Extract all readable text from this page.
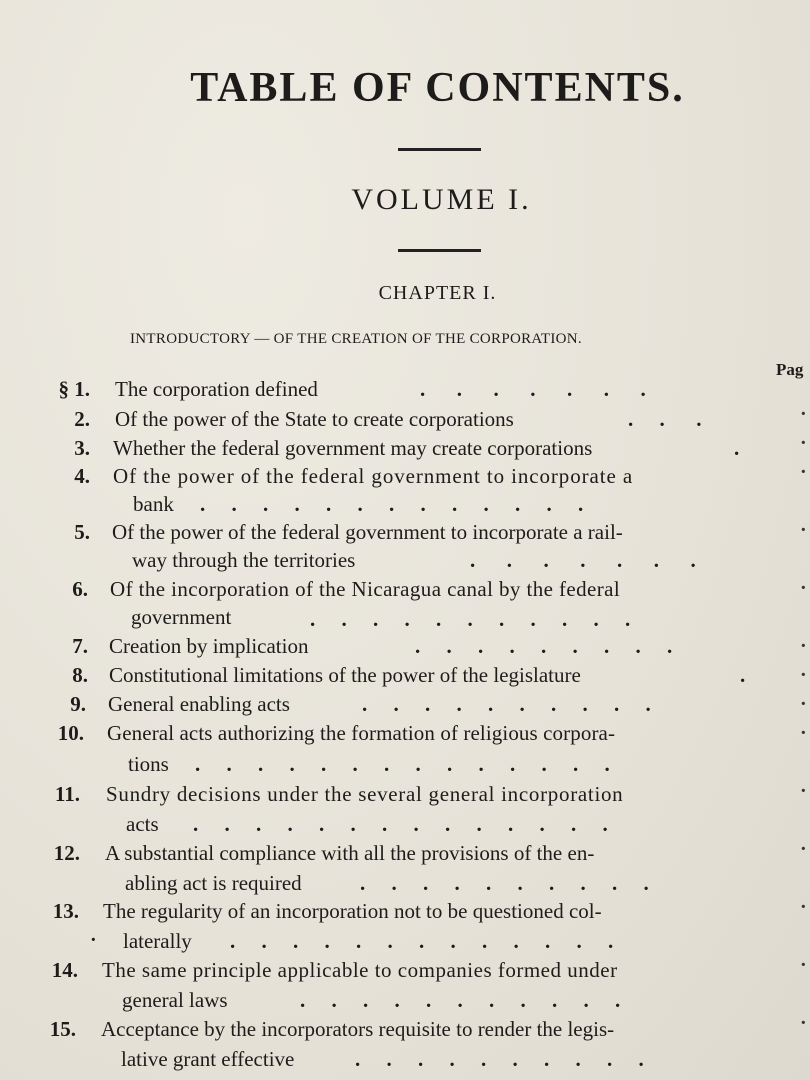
TABLE OF CONTENTS.
VOLUME I.
CHAPTER I.
INTRODUCTORY — OF THE CREATION OF THE CORPORATION.
Pag
§ 1. The corporation defined	.      .      .      .      .      .      .
2. Of the power of the State to create corporations	.     .      .
3. Whether the federal government may create corporations	.
4. Of the power of the federal government to incorporate a
bank .     .     .     .     .     .     .     .     .     .     .     .     .
5. Of the power of the federal government to incorporate a rail-
way through the territories	.      .      .      .      .      .      .
6. Of the incorporation of the Nicaragua canal by the federal
government	.     .     .     .     .     .     .     .     .     .     .
7. Creation by implication	.     .     .     .     .     .     .     .     .
8. Constitutional limitations of the power of the legislature	.
9. General enabling acts	.     .     .     .     .     .     .     .     .     .
10. General acts authorizing the formation of religious corpora-
tions .     .     .     .     .     .     .     .     .     .     .     .     .     .
11. Sundry decisions under the several general incorporation
acts .     .     .     .     .     .     .     .     .     .     .     .     .     .
12. A substantial compliance with all the provisions of the en-
abling act is required	.     .     .     .     .     .     .     .     .     .
13. The regularity of an incorporation not to be questioned col-
laterally .     .     .     .     .     .     .     .     .     .     .     .     .
·
14. The same principle applicable to companies formed under
general laws	.     .     .     .     .     .     .     .     .     .     .
15. Acceptance by the incorporators requisite to render the legis-
lative grant effective	.     .     .     .     .     .     .     .     .     .
·
·
·

·

·

·
·
·
·

·

·

·

·

·
